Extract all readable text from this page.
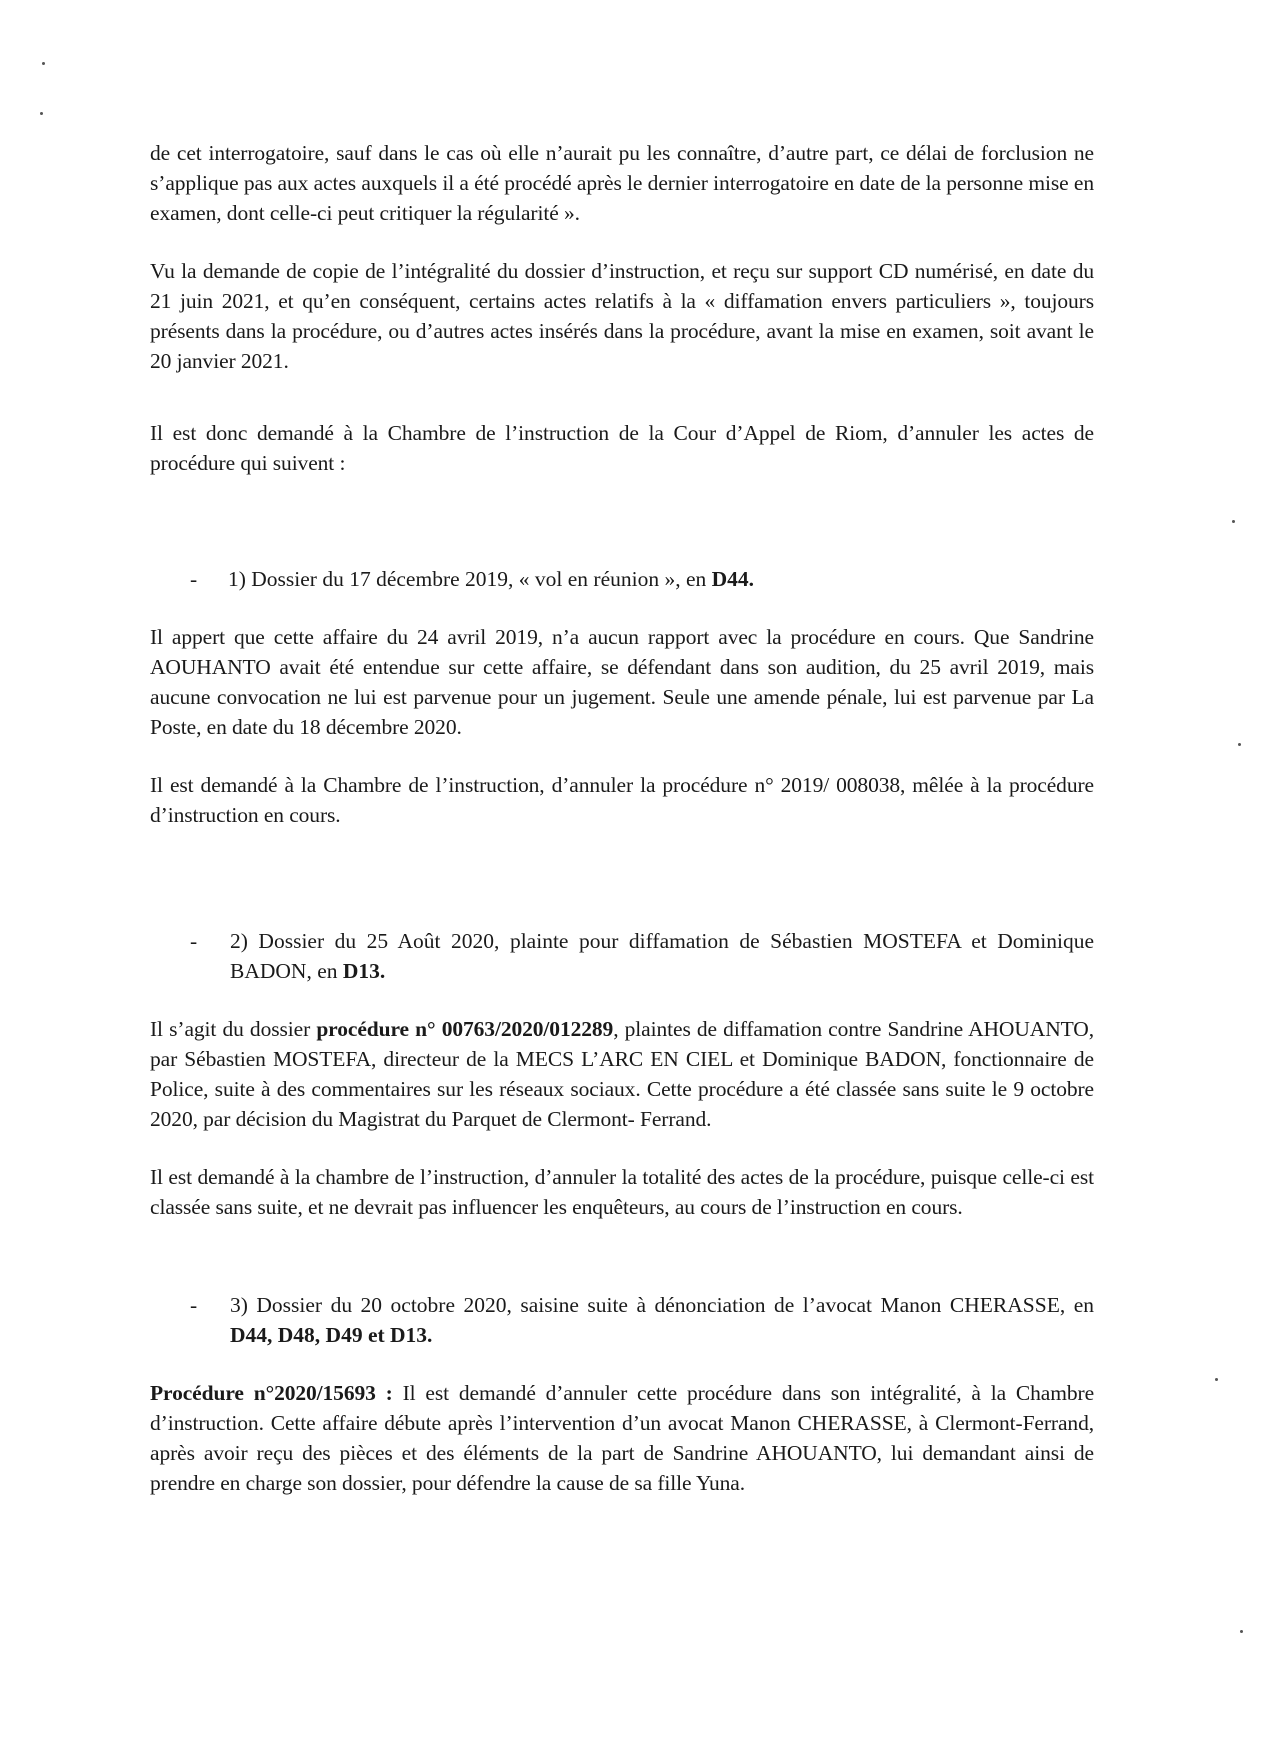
de cet interrogatoire, sauf dans le cas où elle n’aurait pu les connaître, d’autre part, ce délai de forclusion ne s’applique pas aux actes auxquels il a été procédé après le dernier interrogatoire en date de la personne mise en examen, dont celle-ci peut critiquer la régularité ».

Vu la demande de copie de l’intégralité du dossier d’instruction, et reçu sur support CD numérisé, en date du 21 juin 2021, et qu’en conséquent, certains actes relatifs à la « diffamation envers particuliers », toujours présents dans la procédure, ou d’autres actes insérés dans la procédure, avant la mise en examen, soit avant le 20 janvier 2021.

Il est donc demandé à la Chambre de l’instruction de la Cour d’Appel de Riom, d’annuler les actes de procédure qui suivent :

- 1) Dossier du 17 décembre 2019, « vol en réunion », en D44.

Il appert que cette affaire du 24 avril 2019, n’a aucun rapport avec la procédure en cours. Que Sandrine AOUHANTO avait été entendue sur cette affaire, se défendant dans son audition, du 25 avril 2019, mais aucune convocation ne lui est parvenue pour un jugement. Seule une amende pénale, lui est parvenue par La Poste, en date du 18 décembre 2020.

Il est demandé à la Chambre de l’instruction, d’annuler la procédure n° 2019/ 008038, mêlée à la procédure d’instruction en cours.

- 2) Dossier du 25 Août 2020, plainte pour diffamation de Sébastien MOSTEFA et Dominique BADON, en D13.

Il s’agit du dossier procédure n° 00763/2020/012289, plaintes de diffamation contre Sandrine AHOUANTO, par Sébastien MOSTEFA, directeur de la MECS L’ARC EN CIEL et Dominique BADON, fonctionnaire de Police, suite à des commentaires sur les réseaux sociaux. Cette procédure a été classée sans suite le 9 octobre 2020, par décision du Magistrat du Parquet de Clermont- Ferrand.

Il est demandé à la chambre de l’instruction, d’annuler la totalité des actes de la procédure, puisque celle-ci est classée sans suite, et ne devrait pas influencer les enquêteurs, au cours de l’instruction en cours.

- 3) Dossier du 20 octobre 2020, saisine suite à dénonciation de l’avocat Manon CHERASSE, en D44, D48, D49 et D13.

Procédure n°2020/15693 : Il est demandé d’annuler cette procédure dans son intégralité, à la Chambre d’instruction. Cette affaire débute après l’intervention d’un avocat Manon CHERASSE, à Clermont-Ferrand, après avoir reçu des pièces et des éléments de la part de Sandrine AHOUANTO, lui demandant ainsi de prendre en charge son dossier, pour défendre la cause de sa fille Yuna.
